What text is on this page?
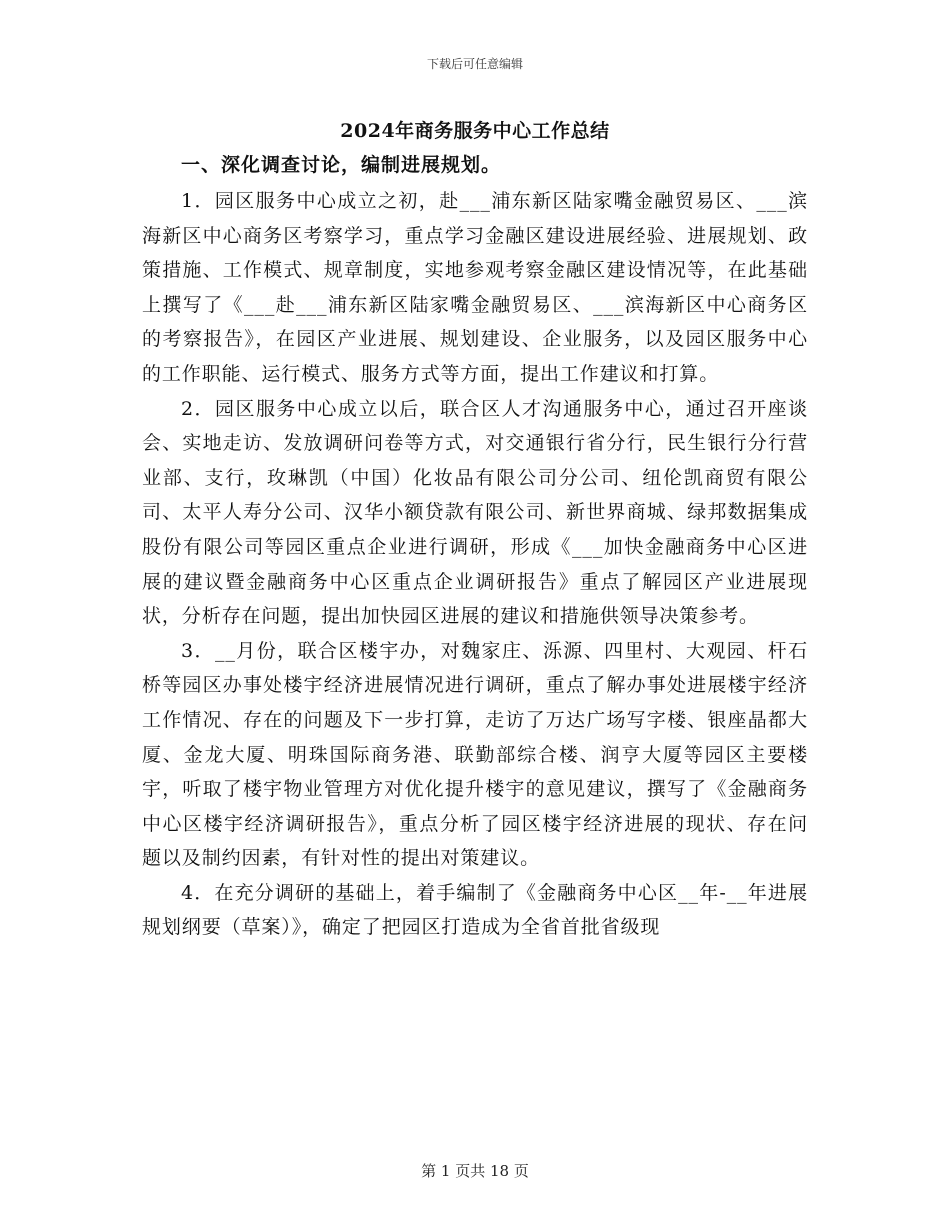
下载后可任意编辑
2024年商务服务中心工作总结
一、深化调查讨论，编制进展规划。

1．园区服务中心成立之初，赴___浦东新区陆家嘴金融贸易区、___滨海新区中心商务区考察学习，重点学习金融区建设进展经验、进展规划、政策措施、工作模式、规章制度，实地参观考察金融区建设情况等，在此基础上撰写了《___赴___浦东新区陆家嘴金融贸易区、___滨海新区中心商务区的考察报告》，在园区产业进展、规划建设、企业服务，以及园区服务中心的工作职能、运行模式、服务方式等方面，提出工作建议和打算。

2．园区服务中心成立以后，联合区人才沟通服务中心，通过召开座谈会、实地走访、发放调研问卷等方式，对交通银行省分行，民生银行分行营业部、支行，玫琳凯（中国）化妆品有限公司分公司、纽伦凯商贸有限公司、太平人寿分公司、汉华小额贷款有限公司、新世界商城、绿邦数据集成股份有限公司等园区重点企业进行调研，形成《___加快金融商务中心区进展的建议暨金融商务中心区重点企业调研报告》重点了解园区产业进展现状，分析存在问题，提出加快园区进展的建议和措施供领导决策参考。

3．__月份，联合区楼宇办，对魏家庄、泺源、四里村、大观园、杆石桥等园区办事处楼宇经济进展情况进行调研，重点了解办事处进展楼宇经济工作情况、存在的问题及下一步打算，走访了万达广场写字楼、银座晶都大厦、金龙大厦、明珠国际商务港、联勤部综合楼、润亨大厦等园区主要楼宇，听取了楼宇物业管理方对优化提升楼宇的意见建议，撰写了《金融商务中心区楼宇经济调研报告》，重点分析了园区楼宇经济进展的现状、存在问题以及制约因素，有针对性的提出对策建议。

4．在充分调研的基础上，着手编制了《金融商务中心区__年-__年进展规划纲要（草案）》，确定了把园区打造成为全省首批省级现

第 1 页共 18 页
